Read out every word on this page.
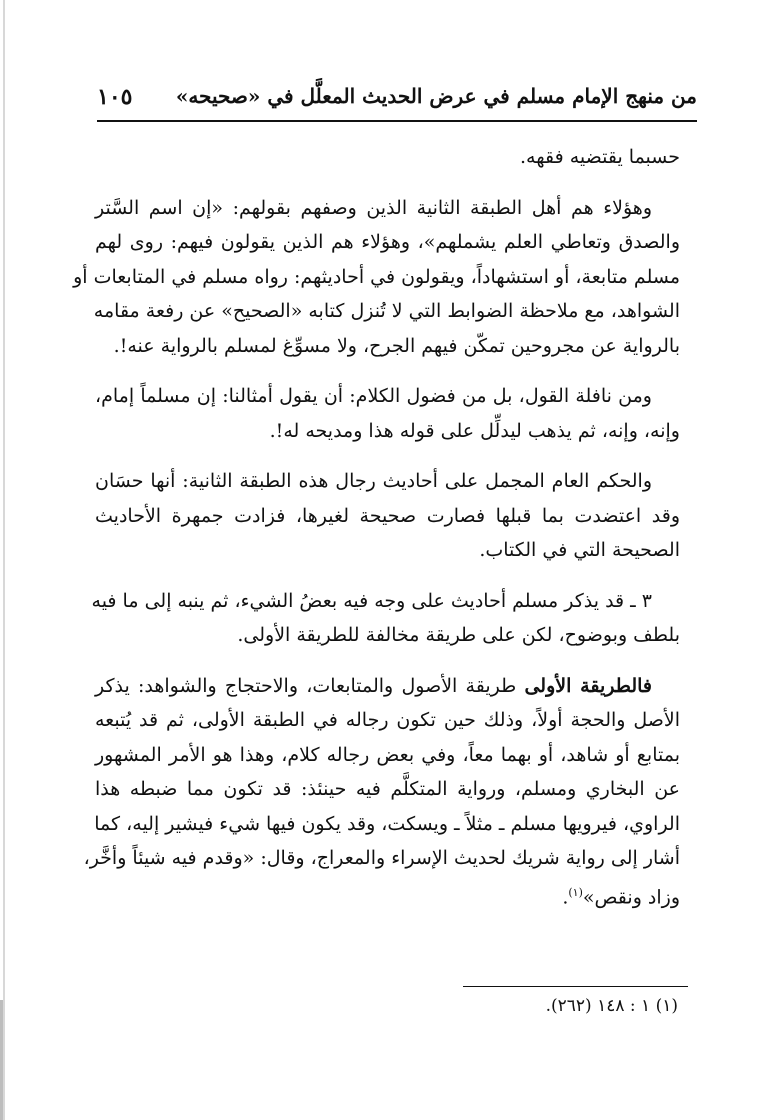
من منهج الإمام مسلم في عرض الحديث المعلَّل في «صحيحه»
١٠٥
حسبما يقتضيه فقهه.
وهؤلاء هم أهل الطبقة الثانية الذين وصفهم بقولهم: «إن اسم السَّتر
والصدق وتعاطي العلم يشملهم»، وهؤلاء هم الذين يقولون فيهم: روى لهم
مسلم متابعة، أو استشهاداً، ويقولون في أحاديثهم: رواه مسلم في المتابعات أو
الشواهد، مع ملاحظة الضوابط التي لا تُنزل كتابه «الصحيح» عن رفعة مقامه
بالرواية عن مجروحين تمكّن فيهم الجرح، ولا مسوِّغ لمسلم بالرواية عنه!.
ومن نافلة القول، بل من فضول الكلام: أن يقول أمثالنا: إن مسلماً إمام،
وإنه، وإنه، ثم يذهب ليدلِّل على قوله هذا ومديحه له!.
والحكم العام المجمل على أحاديث رجال هذه الطبقة الثانية: أنها حسَان
وقد اعتضدت بما قبلها فصارت صحيحة لغيرها، فزادت جمهرة الأحاديث
الصحيحة التي في الكتاب.
٣ ـ قد يذكر مسلم أحاديث على وجه فيه بعضُ الشيء، ثم ينبه إلى ما فيه
بلطف وبوضوح، لكن على طريقة مخالفة للطريقة الأولى.
فالطريقة الأولى طريقة الأصول والمتابعات، والاحتجاج والشواهد: يذكر
الأصل والحجة أولاً، وذلك حين تكون رجاله في الطبقة الأولى، ثم قد يُتبعه
بمتابع أو شاهد، أو بهما معاً، وفي بعض رجاله كلام، وهذا هو الأمر المشهور
عن البخاري ومسلم، ورواية المتكلَّم فيه حينئذ: قد تكون مما ضبطه هذا
الراوي، فيرويها مسلم ـ مثلاً ـ ويسكت، وقد يكون فيها شيء فيشير إليه، كما
أشار إلى رواية شريك لحديث الإسراء والمعراج، وقال: «وقدم فيه شيئاً وأخَّر،
وزاد ونقص»$^{(١)}$.
(١) ١ : ١٤٨ (٢٦٢).
